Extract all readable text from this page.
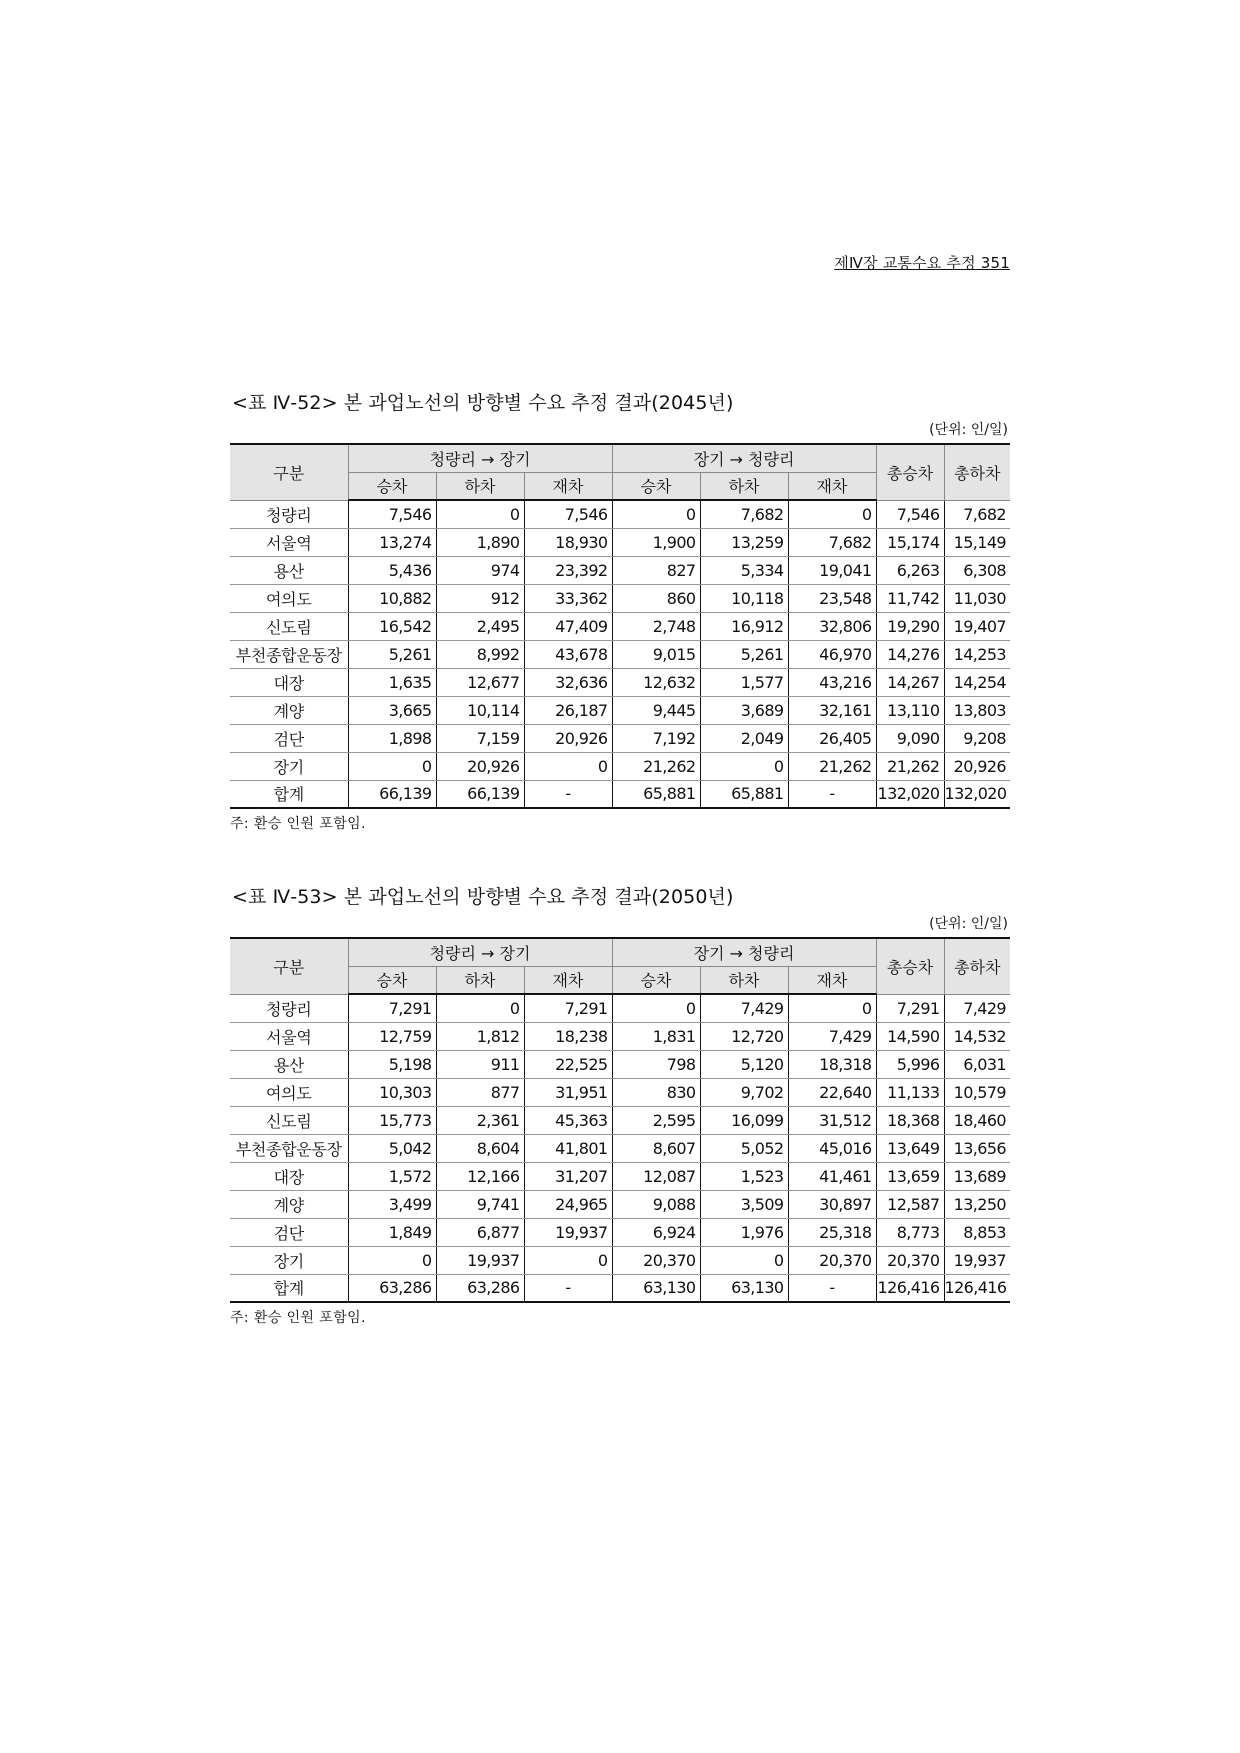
제Ⅳ장 교통수요 추정 351
<표 Ⅳ-52> 본 과업노선의 방향별 수요 추정 결과(2045년)
(단위: 인/일)
구분	청량리 → 장기			장기 → 청량리			총승차	총하차
	승차	하차	재차	승차	하차	재차		
청량리	7,546	0	7,546	0	7,682	0	7,546	7,682
서울역	13,274	1,890	18,930	1,900	13,259	7,682	15,174	15,149
용산	5,436	974	23,392	827	5,334	19,041	6,263	6,308
여의도	10,882	912	33,362	860	10,118	23,548	11,742	11,030
신도림	16,542	2,495	47,409	2,748	16,912	32,806	19,290	19,407
부천종합운동장	5,261	8,992	43,678	9,015	5,261	46,970	14,276	14,253
대장	1,635	12,677	32,636	12,632	1,577	43,216	14,267	14,254
계양	3,665	10,114	26,187	9,445	3,689	32,161	13,110	13,803
검단	1,898	7,159	20,926	7,192	2,049	26,405	9,090	9,208
장기	0	20,926	0	21,262	0	21,262	21,262	20,926
합계	66,139	66,139	-	65,881	65,881	-	132,020	132,020
주: 환승 인원 포함임.
<표 Ⅳ-53> 본 과업노선의 방향별 수요 추정 결과(2050년)
(단위: 인/일)
구분	청량리 → 장기			장기 → 청량리			총승차	총하차
	승차	하차	재차	승차	하차	재차		
청량리	7,291	0	7,291	0	7,429	0	7,291	7,429
서울역	12,759	1,812	18,238	1,831	12,720	7,429	14,590	14,532
용산	5,198	911	22,525	798	5,120	18,318	5,996	6,031
여의도	10,303	877	31,951	830	9,702	22,640	11,133	10,579
신도림	15,773	2,361	45,363	2,595	16,099	31,512	18,368	18,460
부천종합운동장	5,042	8,604	41,801	8,607	5,052	45,016	13,649	13,656
대장	1,572	12,166	31,207	12,087	1,523	41,461	13,659	13,689
계양	3,499	9,741	24,965	9,088	3,509	30,897	12,587	13,250
검단	1,849	6,877	19,937	6,924	1,976	25,318	8,773	8,853
장기	0	19,937	0	20,370	0	20,370	20,370	19,937
합계	63,286	63,286	-	63,130	63,130	-	126,416	126,416
주: 환승 인원 포함임.
